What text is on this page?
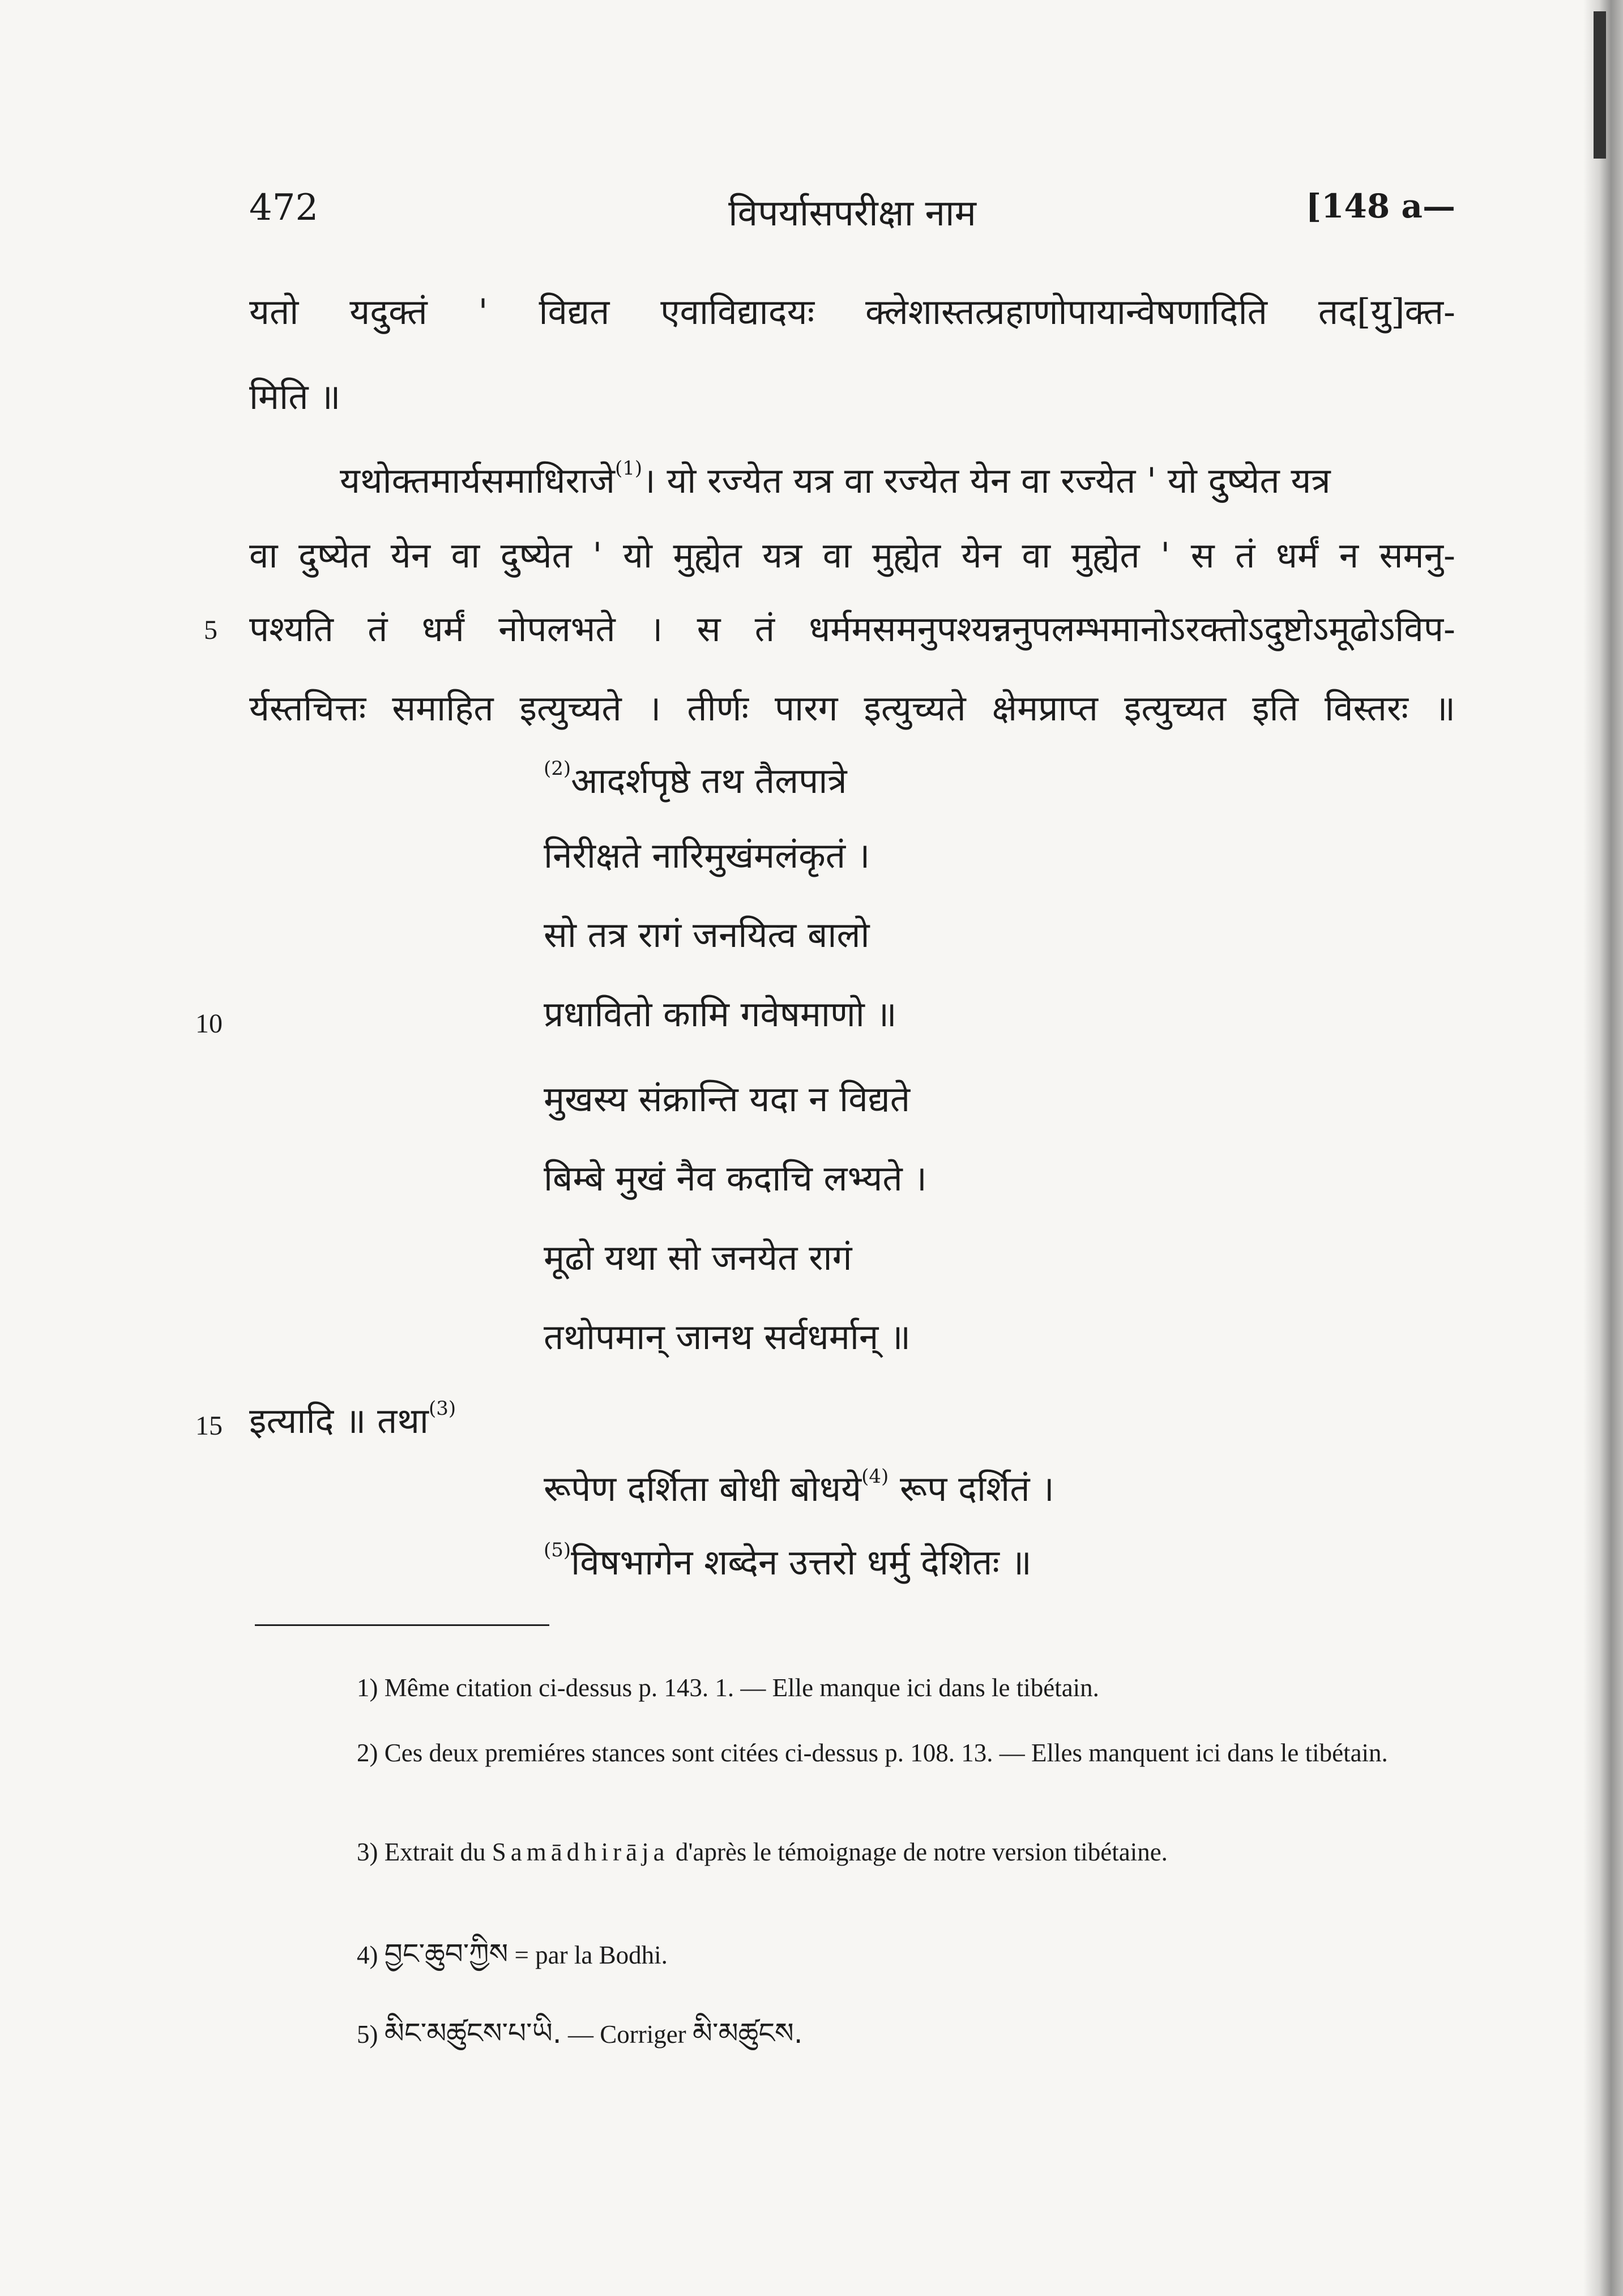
472	विपर्यासपरीक्षा नाम	[148 a—
यतो यदुक्तं ' विद्यत एवाविद्यादयः क्लेशास्तत्प्रहाणोपायान्वेषणादिति तद[यु]क्त-
मिति ॥
यथोक्तमार्यसमाधिराजे$^{(1)}$। यो रज्येत यत्र वा रज्येत येन वा रज्येत ' यो दुष्येत यत्र
वा दुष्येत येन वा दुष्येत ' यो मुह्येत यत्र वा मुह्येत येन वा मुह्येत ' स तं धर्मं न समनु-
5 पश्यति तं धर्मं नोपलभते । स तं धर्ममसमनुपश्यन्ननुपलम्भमानोऽरक्तोऽदुष्टोऽमूढोऽविप-
र्यस्तचित्तः समाहित इत्युच्यते । तीर्णः पारग इत्युच्यते क्षेमप्राप्त इत्युच्यत इति विस्तरः ॥
$^{(2)}$आदर्शपृष्ठे तथ तैलपात्रे
निरीक्षते नारिमुखंमलंकृतं ।
सो तत्र रागं जनयित्व बालो
10	प्रधावितो कामि गवेषमाणो ॥
मुखस्य संक्रान्ति यदा न विद्यते
बिम्बे मुखं नैव कदाचि लभ्यते ।
मूढो यथा सो जनयेत रागं
तथोपमान् जानथ सर्वधर्मान् ॥
15 इत्यादि ॥ तथा$^{(3)}$
रूपेण दर्शिता बोधी बोधये$^{(4)}$ रूप दर्शितं ।
$^{(5)}$विषभागेन शब्देन उत्तरो धर्मु देशितः ॥
1) Même citation ci-dessus p. 143. 1. — Elle manque ici dans le tibétain.
2) Ces deux premiéres stances sont citées ci-dessus p. 108. 13. — Elles manquent ici dans le tibétain.
3) Extrait du Samādhirāja d'après le témoignage de notre version tibétaine.
4) བྱང་ཆུབ་ཀྱིས = par la Bodhi.
5) མིང་མཚུངས་པ་ཡི. — Corriger མི་མཚུངས.
